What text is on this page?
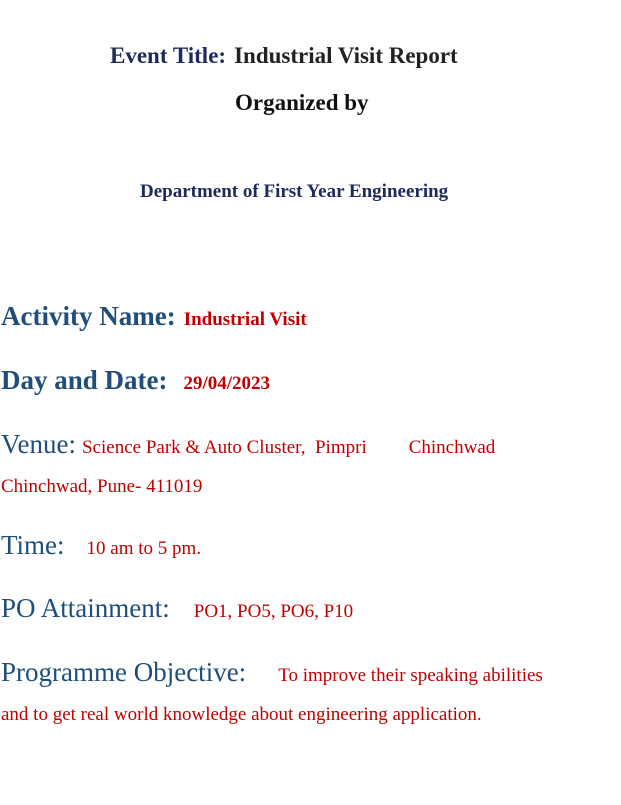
Event Title: Industrial Visit Report
Organized by
Department of First Year Engineering
Activity Name: Industrial Visit
Day and Date: 29/04/2023
Venue: Science Park & Auto Cluster,  Pimpri Chinchwad
Chinchwad, Pune- 411019
Time: 10 am to 5 pm.
PO Attainment: PO1, PO5, PO6, P10
Programme Objective: To improve their speaking abilities
and to get real world knowledge about engineering application.
